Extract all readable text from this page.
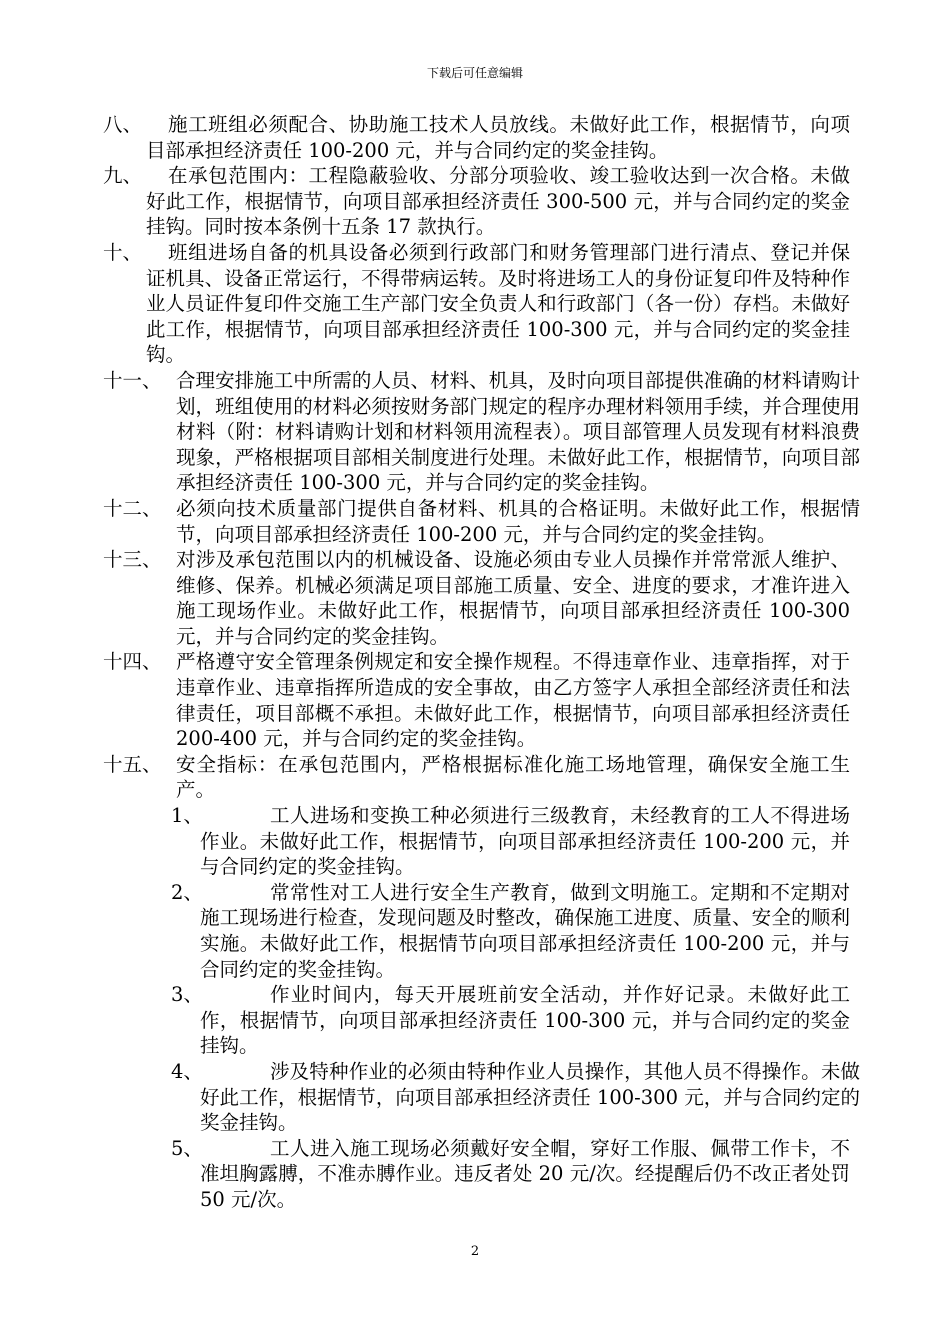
下载后可任意编辑
八、	施工班组必须配合、协助施工技术人员放线。未做好此工作，根据情节，向项目部承担经济责任 100-200 元，并与合同约定的奖金挂钩。
九、	在承包范围内：工程隐蔽验收、分部分项验收、竣工验收达到一次合格。未做好此工作，根据情节，向项目部承担经济责任 300-500 元，并与合同约定的奖金挂钩。同时按本条例十五条 17 款执行。
十、	班组进场自备的机具设备必须到行政部门和财务管理部门进行清点、登记并保证机具、设备正常运行，不得带病运转。及时将进场工人的身份证复印件及特种作业人员证件复印件交施工生产部门安全负责人和行政部门（各一份）存档。未做好此工作，根据情节，向项目部承担经济责任 100-300 元，并与合同约定的奖金挂钩。
十一、 合理安排施工中所需的人员、材料、机具，及时向项目部提供准确的材料请购计划，班组使用的材料必须按财务部门规定的程序办理材料领用手续，并合理使用材料（附：材料请购计划和材料领用流程表）。项目部管理人员发现有材料浪费现象，严格根据项目部相关制度进行处理。未做好此工作，根据情节，向项目部承担经济责任 100-300 元，并与合同约定的奖金挂钩。
十二、 必须向技术质量部门提供自备材料、机具的合格证明。未做好此工作，根据情节，向项目部承担经济责任 100-200 元，并与合同约定的奖金挂钩。
十三、 对涉及承包范围以内的机械设备、设施必须由专业人员操作并常常派人维护、维修、保养。机械必须满足项目部施工质量、安全、进度的要求，才准许进入施工现场作业。未做好此工作，根据情节，向项目部承担经济责任 100-300 元，并与合同约定的奖金挂钩。
十四、 严格遵守安全管理条例规定和安全操作规程。不得违章作业、违章指挥，对于违章作业、违章指挥所造成的安全事故，由乙方签字人承担全部经济责任和法律责任，项目部概不承担。未做好此工作，根据情节，向项目部承担经济责任 200-400 元，并与合同约定的奖金挂钩。
十五、 安全指标：在承包范围内，严格根据标准化施工场地管理，确保安全施工生产。
1、	工人进场和变换工种必须进行三级教育，未经教育的工人不得进场作业。未做好此工作，根据情节，向项目部承担经济责任 100-200 元，并与合同约定的奖金挂钩。
2、	常常性对工人进行安全生产教育，做到文明施工。定期和不定期对施工现场进行检查，发现问题及时整改，确保施工进度、质量、安全的顺利实施。未做好此工作，根据情节向项目部承担经济责任 100-200 元，并与合同约定的奖金挂钩。
3、	作业时间内，每天开展班前安全活动，并作好记录。未做好此工作，根据情节，向项目部承担经济责任 100-300 元，并与合同约定的奖金挂钩。
4、	涉及特种作业的必须由特种作业人员操作，其他人员不得操作。未做好此工作，根据情节，向项目部承担经济责任 100-300 元，并与合同约定的奖金挂钩。
5、	工人进入施工现场必须戴好安全帽，穿好工作服、佩带工作卡，不准坦胸露膊，不准赤膊作业。违反者处 20 元/次。经提醒后仍不改正者处罚 50 元/次。
2
